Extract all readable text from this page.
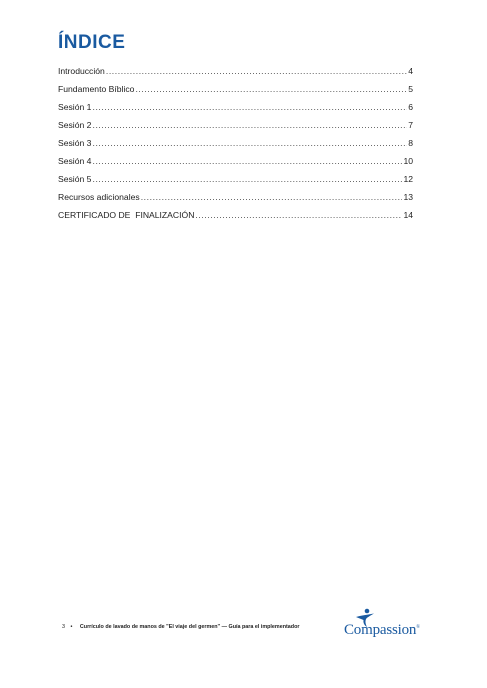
ÍNDICE
Introducción .....	4
Fundamento Bíblico .....	5
Sesión 1 .....	6
Sesión 2 .....	7
Sesión 3 .....	8
Sesión 4 .....	10
Sesión 5 .....	12
Recursos adicionales .....	13
CERTIFICADO DE  FINALIZACIÓN .....	14
3 • Currículo de lavado de manos de "El viaje del germen" — Guía para el implementador	Compassion®
